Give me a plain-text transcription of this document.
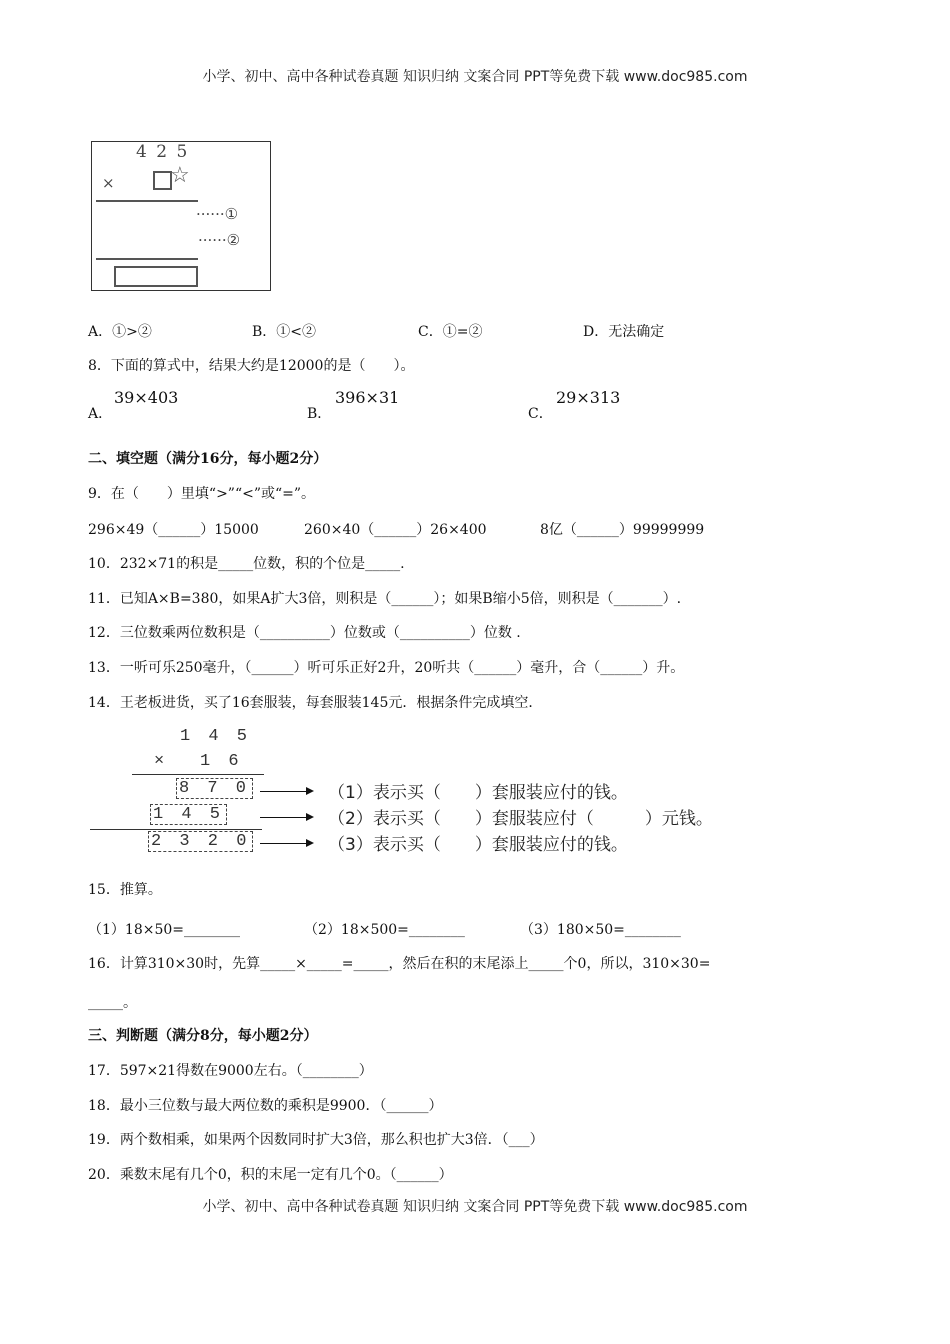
小学、初中、高中各种试卷真题 知识归纳 文案合同 PPT等免费下载 www.doc985.com
4 2 5
×	☆
······①
······②
A．①>②	B．①<②	C．①=②	D．无法确定
8．下面的算式中，结果大约是12000的是（　　）。
A．
39×403
B．
396×31
C．
29×313
二、填空题（满分16分，每小题2分）
9．在（　　）里填“>”“<”或“=”。
296×49（______）15000	260×40（______）26×400	8亿（______）99999999
10．232×71的积是_____位数，积的个位是_____.
11．已知A×B=380，如果A扩大3倍，则积是（______）；如果B缩小5倍，则积是（_______）.
12．三位数乘两位数积是（__________）位数或（__________）位数 .
13．一听可乐250毫升，（______）听可乐正好2升，20听共（______）毫升，合（______）升。
14．王老板进货，买了16套服装，每套服装145元．根据条件完成填空．
1 4 5
× 1 6
8 7 0
1 4 5
2 3 2 0
（1）表示买（　　）套服装应付的钱。
（2）表示买（　　）套服装应付（　　　）元钱。
（3）表示买（　　）套服装应付的钱。
15．推算。
（1）18×50=________	（2）18×500=________	（3）180×50=________
16．计算310×30时，先算_____×_____=_____，然后在积的末尾添上_____个0，所以，310×30=
_____。
三、判断题（满分8分，每小题2分）
17．597×21得数在9000左右。（________）
18．最小三位数与最大两位数的乘积是9900．（______）
19．两个数相乘，如果两个因数同时扩大3倍，那么积也扩大3倍．（___）
20．乘数末尾有几个0，积的末尾一定有几个0。（______）
小学、初中、高中各种试卷真题 知识归纳 文案合同 PPT等免费下载 www.doc985.com
